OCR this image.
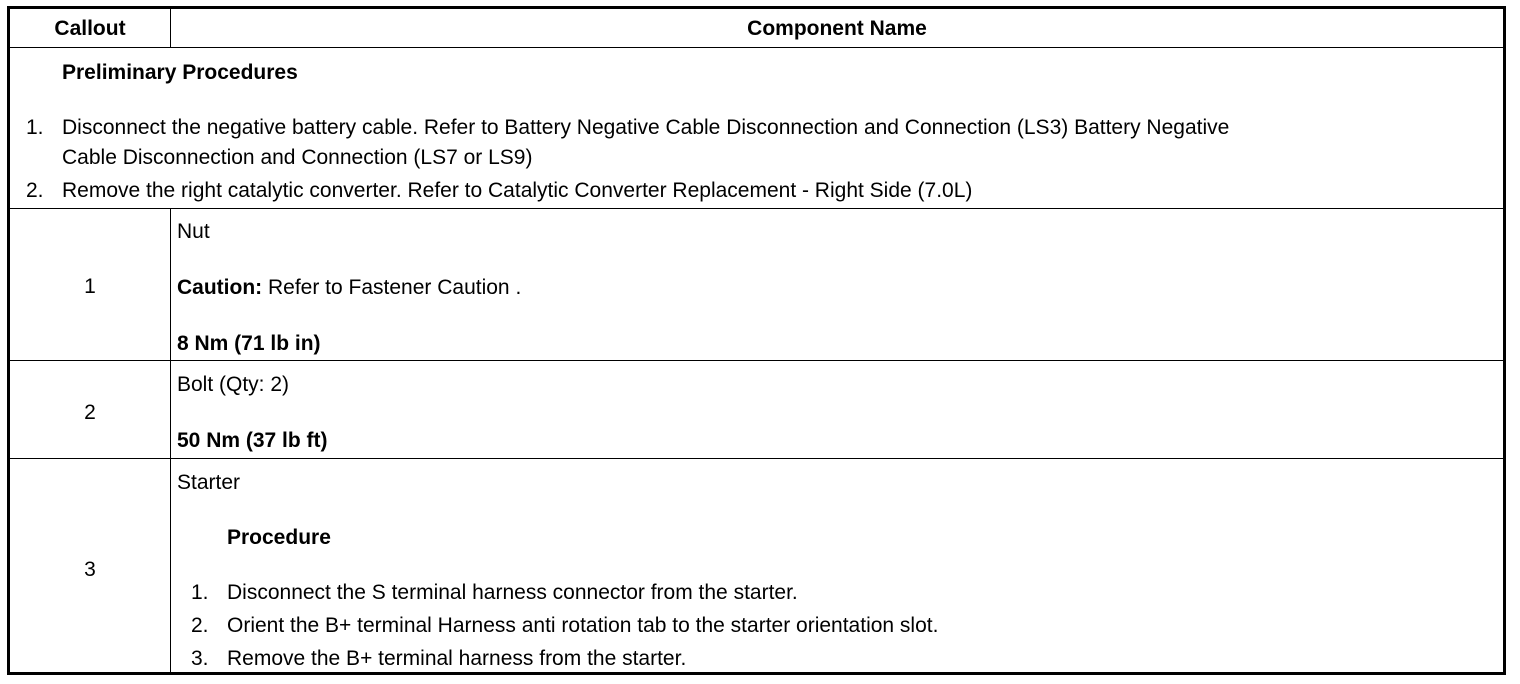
Callout	Component Name
Preliminary Procedures
1. Disconnect the negative battery cable. Refer to Battery Negative Cable Disconnection and Connection (LS3) Battery Negative
Cable Disconnection and Connection (LS7 or LS9)
2. Remove the right catalytic converter. Refer to Catalytic Converter Replacement - Right Side (7.0L)
1
Nut
Caution: Refer to Fastener Caution .
8 Nm (71 lb in)
2
Bolt (Qty: 2)
50 Nm (37 lb ft)
3
Starter
Procedure
1. Disconnect the S terminal harness connector from the starter.
2. Orient the B+ terminal Harness anti rotation tab to the starter orientation slot.
3. Remove the B+ terminal harness from the starter.
